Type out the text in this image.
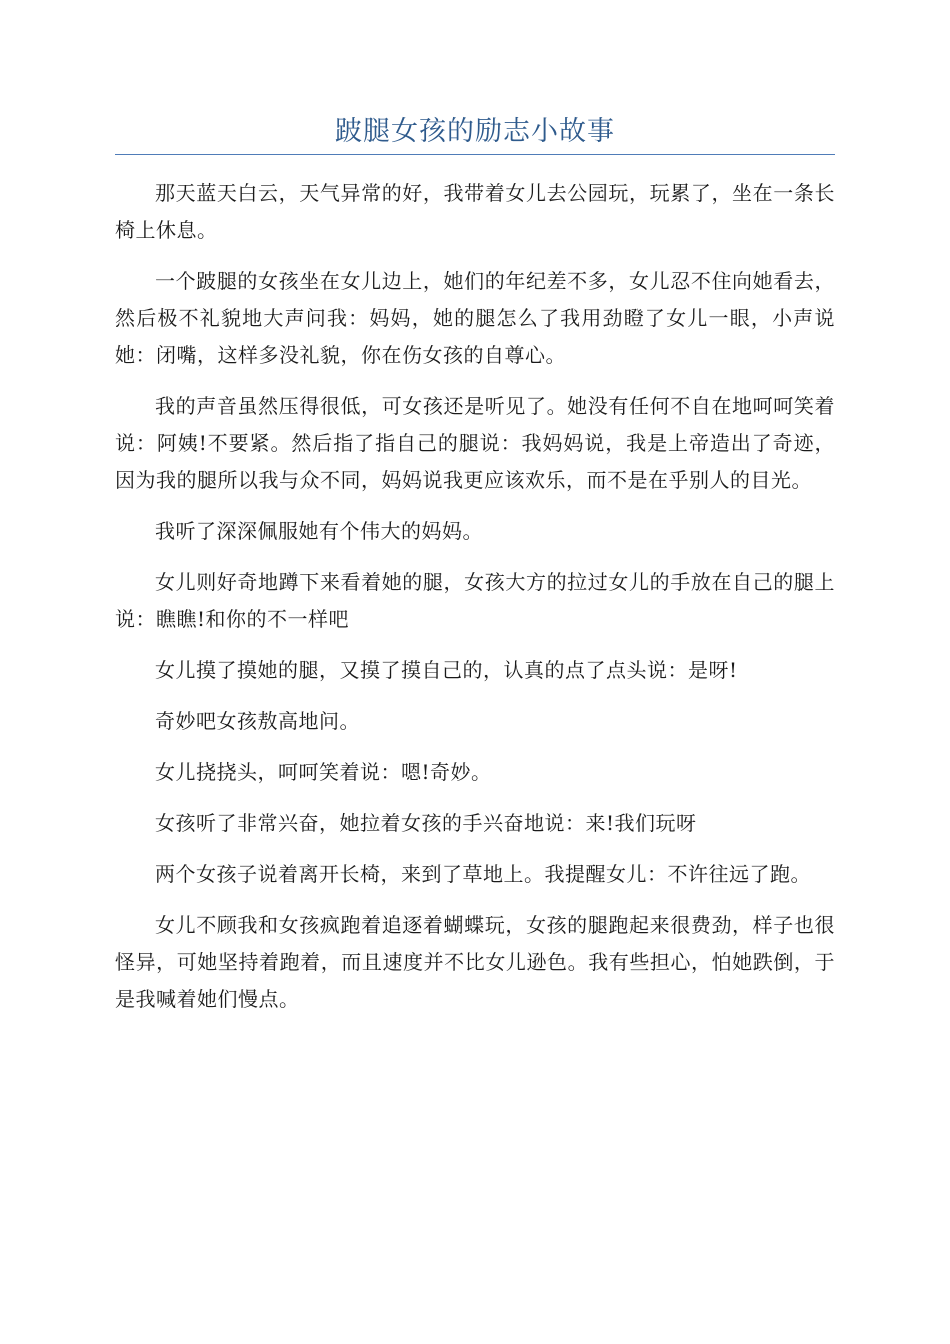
跛腿女孩的励志小故事

那天蓝天白云，天气异常的好，我带着女儿去公园玩，玩累了，坐在一条长椅上休息。

一个跛腿的女孩坐在女儿边上，她们的年纪差不多，女儿忍不住向她看去，然后极不礼貌地大声问我：妈妈，她的腿怎么了我用劲瞪了女儿一眼，小声说她：闭嘴，这样多没礼貌，你在伤女孩的自尊心。

我的声音虽然压得很低，可女孩还是听见了。她没有任何不自在地呵呵笑着说：阿姨!不要紧。然后指了指自己的腿说：我妈妈说，我是上帝造出了奇迹，因为我的腿所以我与众不同，妈妈说我更应该欢乐，而不是在乎别人的目光。

我听了深深佩服她有个伟大的妈妈。

女儿则好奇地蹲下来看着她的腿，女孩大方的拉过女儿的手放在自己的腿上说：瞧瞧!和你的不一样吧

女儿摸了摸她的腿，又摸了摸自己的，认真的点了点头说：是呀!

奇妙吧女孩敖高地问。

女儿挠挠头，呵呵笑着说：嗯!奇妙。

女孩听了非常兴奋，她拉着女孩的手兴奋地说：来!我们玩呀

两个女孩子说着离开长椅，来到了草地上。我提醒女儿：不许往远了跑。

女儿不顾我和女孩疯跑着追逐着蝴蝶玩，女孩的腿跑起来很费劲，样子也很怪异，可她坚持着跑着，而且速度并不比女儿逊色。我有些担心，怕她跌倒，于是我喊着她们慢点。
